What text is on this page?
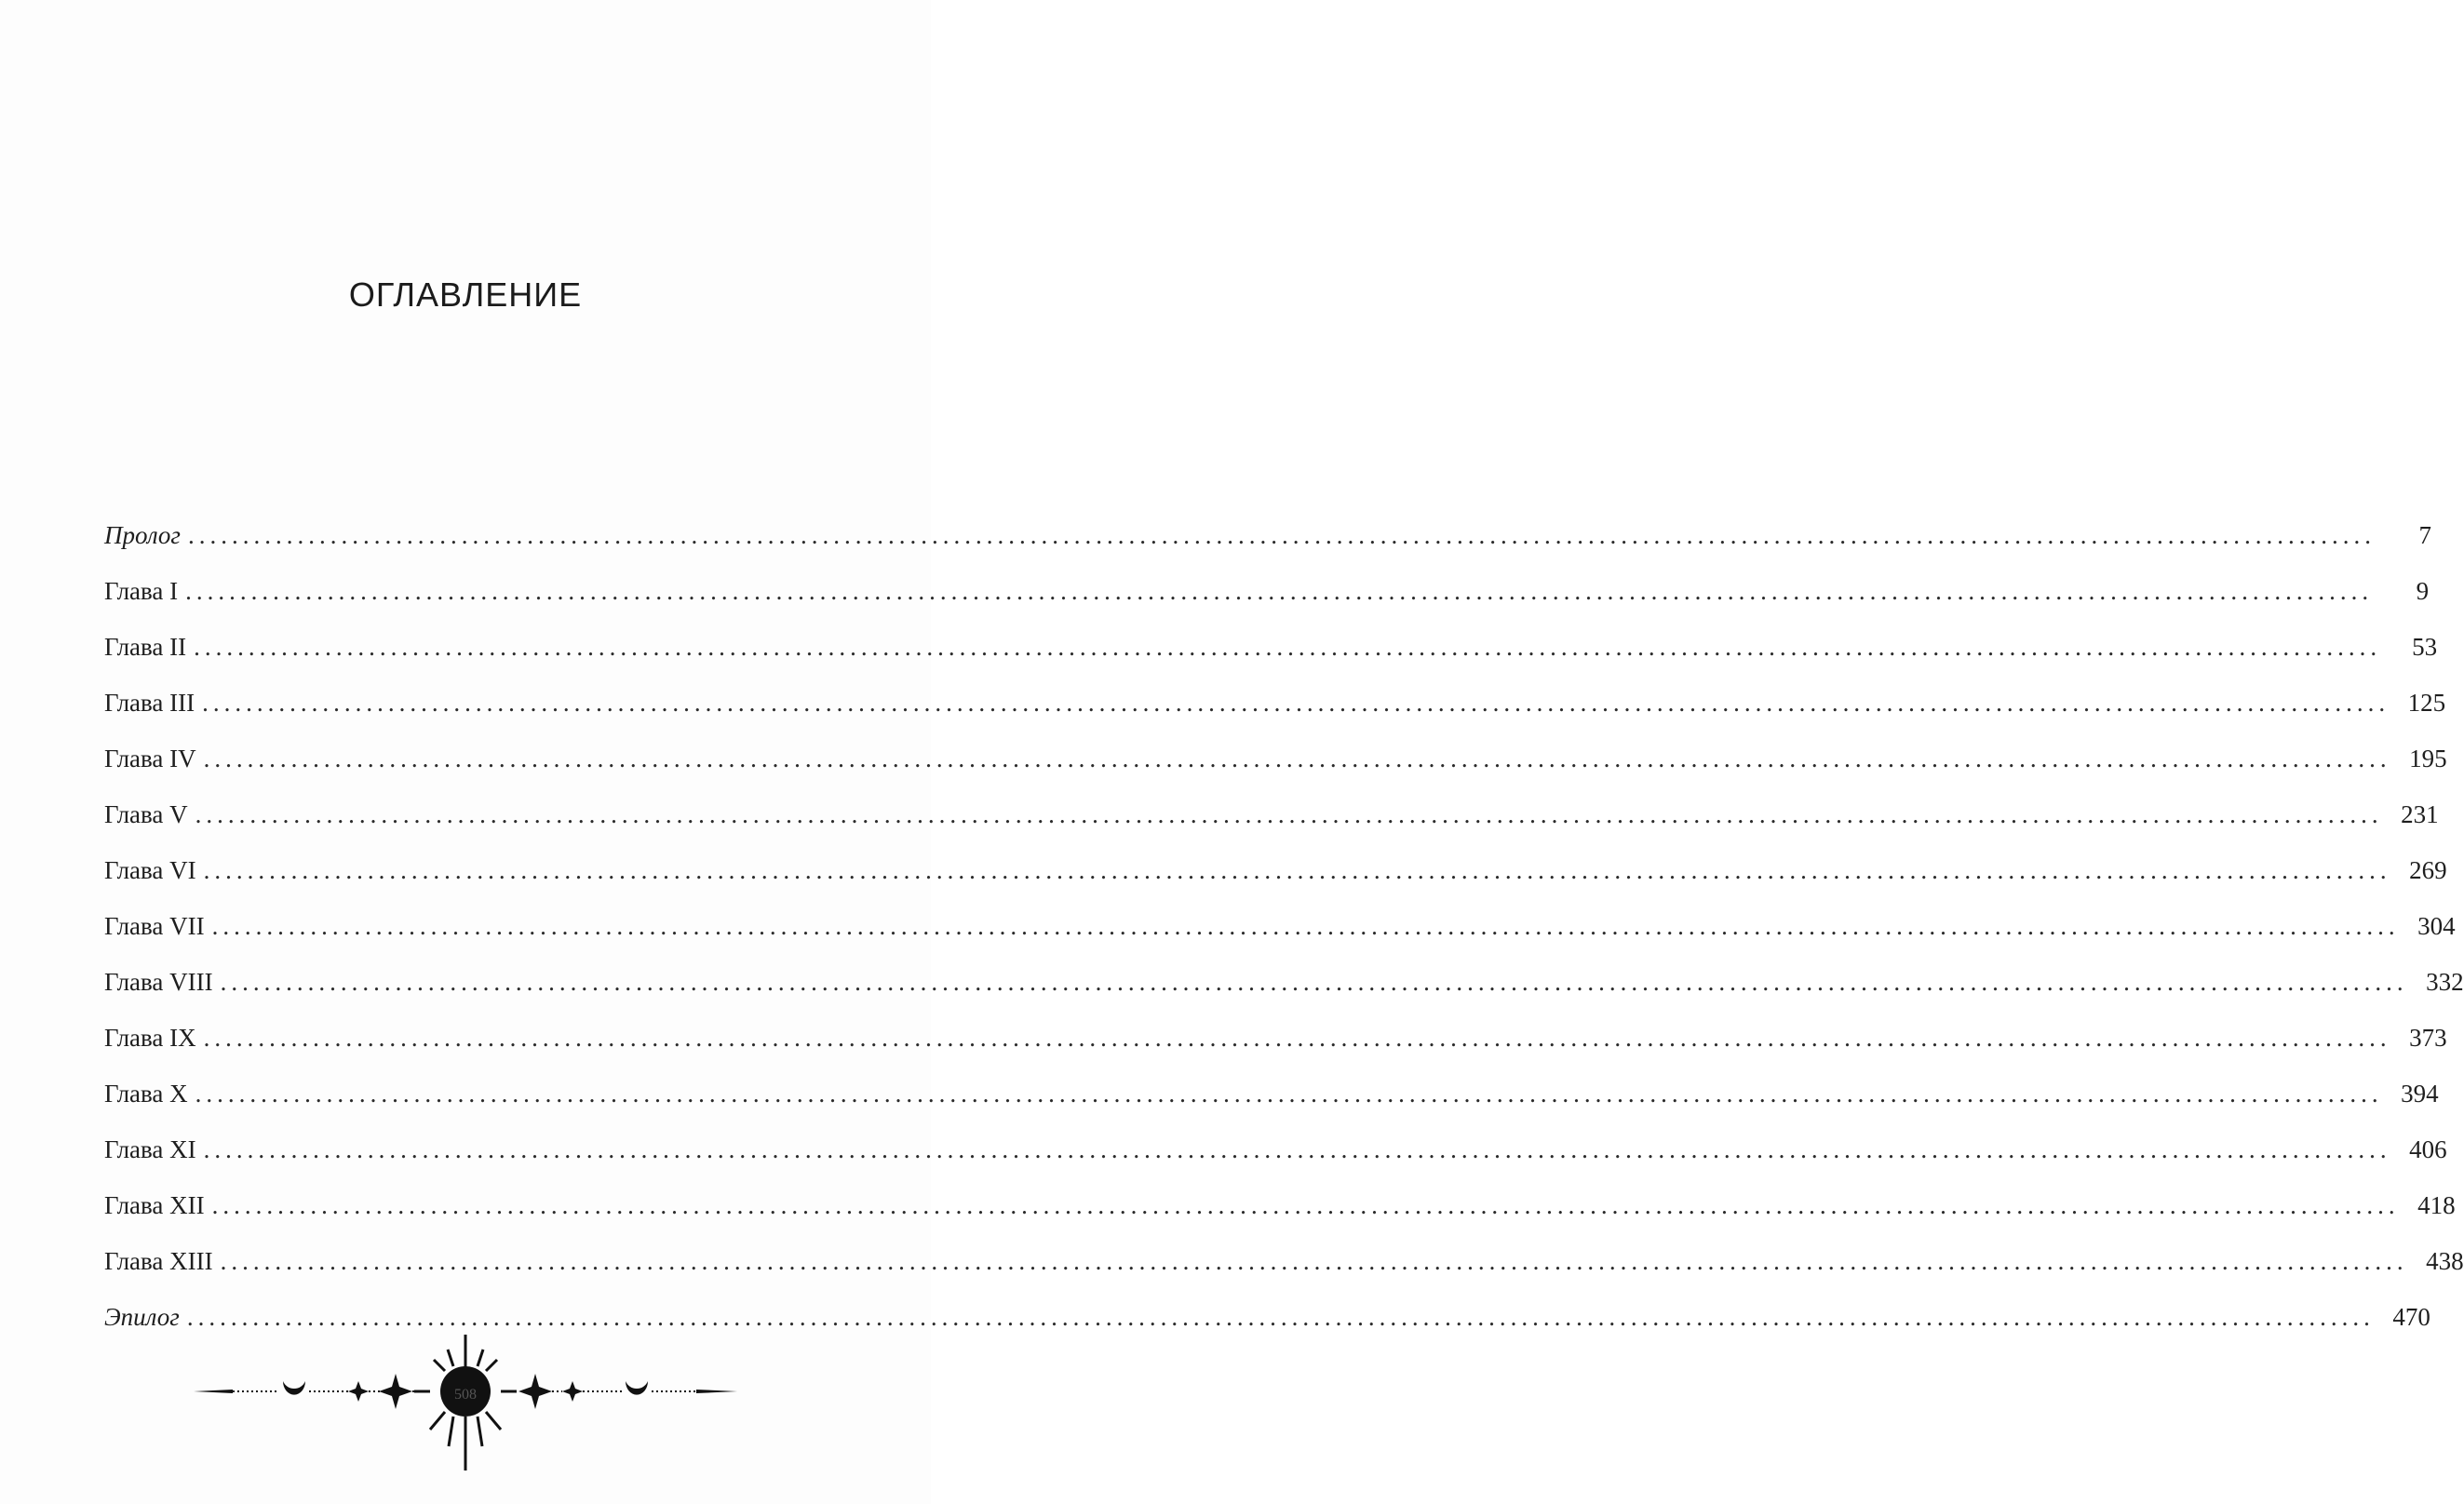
ОГЛАВЛЕНИЕ
Пролог ........................................................................................................................................................................................................	7
Глава I ........................................................................................................................................................................................................	9
Глава II ........................................................................................................................................................................................................	53
Глава III ........................................................................................................................................................................................................ 125
Глава IV ........................................................................................................................................................................................................ 195
Глава V ........................................................................................................................................................................................................ 231
Глава VI ........................................................................................................................................................................................................ 269
Глава VII ........................................................................................................................................................................................................ 304
Глава VIII ........................................................................................................................................................................................................ 332
Глава IX ........................................................................................................................................................................................................ 373
Глава X ........................................................................................................................................................................................................ 394
Глава XI ........................................................................................................................................................................................................ 406
Глава XII ........................................................................................................................................................................................................ 418
Глава XIII ........................................................................................................................................................................................................ 438
Эпилог ........................................................................................................................................................................................................ 470
508
